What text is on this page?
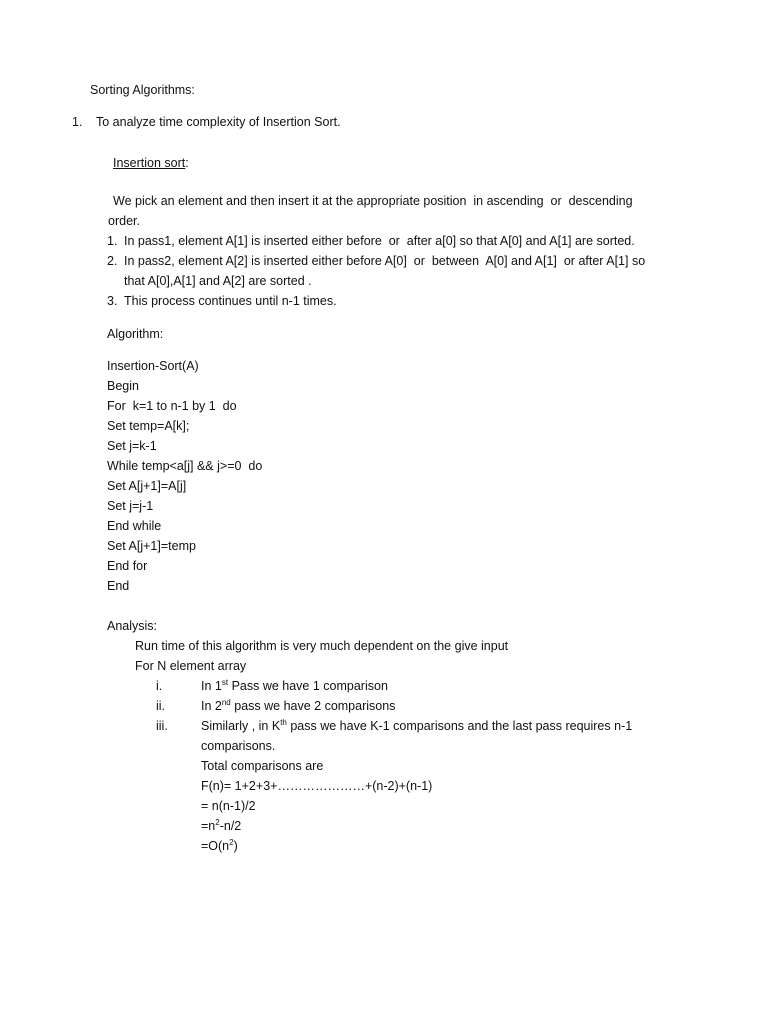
Sorting Algorithms:
1. To analyze time complexity of Insertion Sort.
Insertion sort:
We pick an element and then insert it at the appropriate position  in ascending  or  descending
order.
1. In pass1, element A[1] is inserted either before  or  after a[0] so that A[0] and A[1] are sorted.
2. In pass2, element A[2] is inserted either before A[0]  or  between  A[0] and A[1]  or after A[1] so
that A[0],A[1] and A[2] are sorted .
3. This process continues until n-1 times.
Algorithm:
Insertion-Sort(A)
Begin
For  k=1 to n-1 by 1  do
Set temp=A[k];
Set j=k-1
While temp<a[j] && j>=0  do
Set A[j+1]=A[j]
Set j=j-1
End while
Set A[j+1]=temp
End for
End
Analysis:
Run time of this algorithm is very much dependent on the give input
For N element array
i.	In 1st Pass we have 1 comparison
ii.	In 2nd pass we have 2 comparisons
iii.	Similarly , in $K^{th}$ pass we have K-1 comparisons and the last pass requires n-1
comparisons.
Total comparisons are
F(n)= 1+2+3+…………………+(n-2)+(n-1)
= n(n-1)/2
$=n^2-n/2$
$=O(n^2)$
